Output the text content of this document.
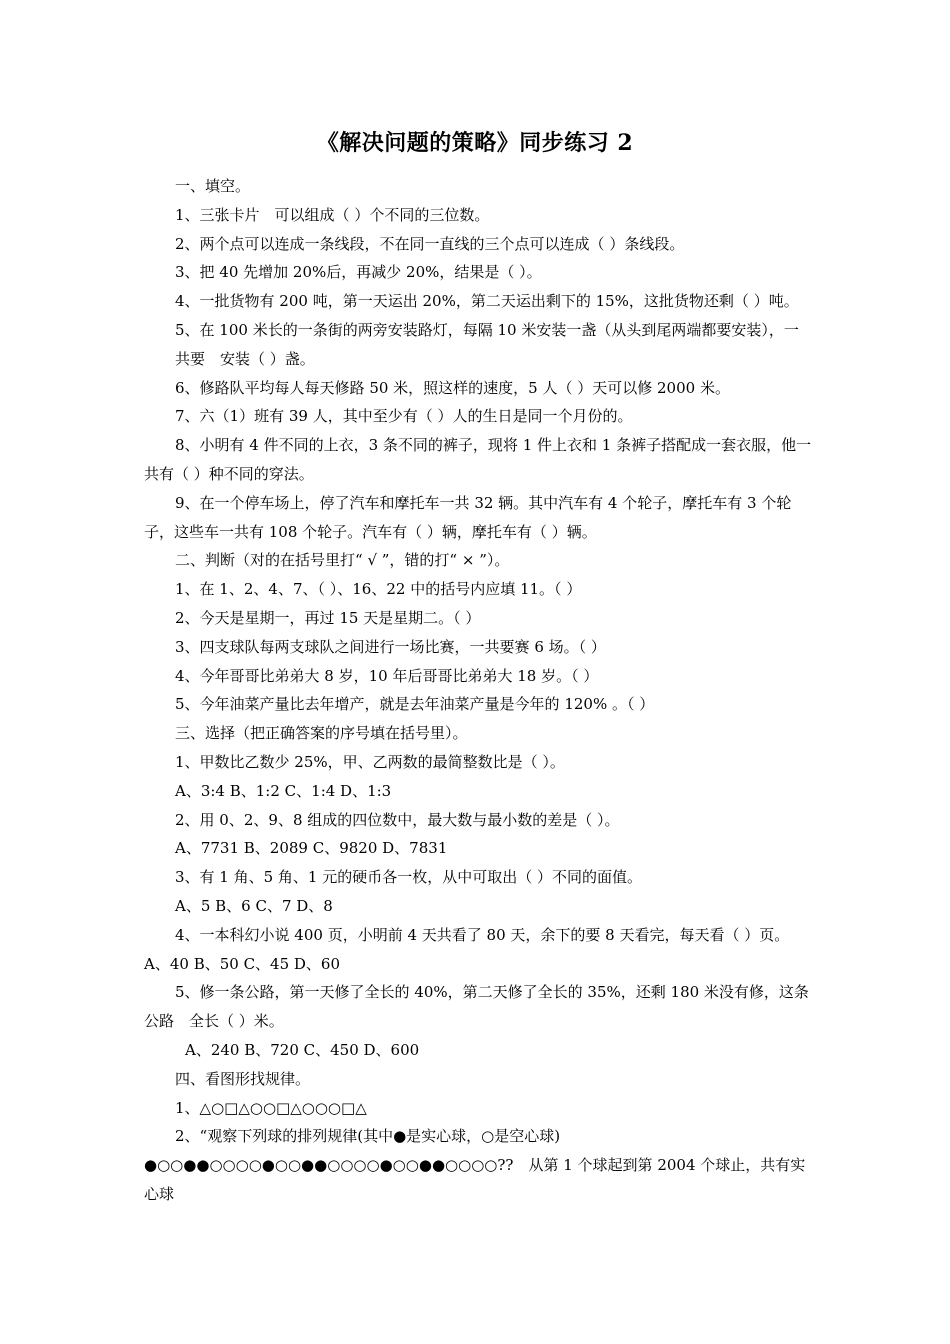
《解决问题的策略》同步练习 2

一、填空。

1、三张卡片　可以组成（ ）个不同的三位数。

2、两个点可以连成一条线段，不在同一直线的三个点可以连成（ ）条线段。

3、把 40 先增加 20%后，再减少 20%，结果是（ ）。

4、一批货物有 200 吨，第一天运出 20%，第二天运出剩下的 15%，这批货物还剩（ ）吨。

5、在 100 米长的一条街的两旁安装路灯，每隔 10 米安装一盏（从头到尾两端都要安装），一共要　安装（ ）盏。

6、修路队平均每人每天修路 50 米，照这样的速度，5 人（ ）天可以修 2000 米。

7、六（1）班有 39 人，其中至少有（ ）人的生日是同一个月份的。

8、小明有 4 件不同的上衣，3 条不同的裤子，现将 1 件上衣和 1 条裤子搭配成一套衣服，他一共有（ ）种不同的穿法。

9、在一个停车场上，停了汽车和摩托车一共 32 辆。其中汽车有 4 个轮子，摩托车有 3 个轮子，这些车一共有 108 个轮子。汽车有（ ）辆，摩托车有（ ）辆。

二、判断（对的在括号里打“ √ ”，错的打“ × ”）。

1、在 1、2、4、7、（ ）、16、22 中的括号内应填 11。（ ）

2、今天是星期一，再过 15 天是星期二。（ ）

3、四支球队每两支球队之间进行一场比赛，一共要赛 6 场。（ ）

4、今年哥哥比弟弟大 8 岁，10 年后哥哥比弟弟大 18 岁。（ ）

5、今年油菜产量比去年增产，就是去年油菜产量是今年的 120% 。（ ）

三、选择（把正确答案的序号填在括号里）。

1、甲数比乙数少 25%，甲、乙两数的最简整数比是（ ）。

A、3:4 B、1:2 C、1:4 D、1:3

2、用 0、2、9、8 组成的四位数中，最大数与最小数的差是（ ）。

A、7731 B、2089 C、9820 D、7831

3、有 1 角、5 角、1 元的硬币各一枚，从中可取出（ ）不同的面值。

A、5 B、6 C、7 D、8

4、一本科幻小说 400 页，小明前 4 天共看了 80 天，余下的要 8 天看完，每天看（ ）页。　A、40 B、50 C、45 D、60

5、修一条公路，第一天修了全长的 40%，第二天修了全长的 35%，还剩 180 米没有修，这条公路　全长（ ）米。

A、240 B、720 C、450 D、600

四、看图形找规律。

1、△○□△○○□△○○○□△

2、“观察下列球的排列规律(其中●是实心球，○是空心球)　●○○●●○○○○●○○●●○○○○●○○●●○○○○??　从第 1 个球起到第 2004 个球止，共有实心球
